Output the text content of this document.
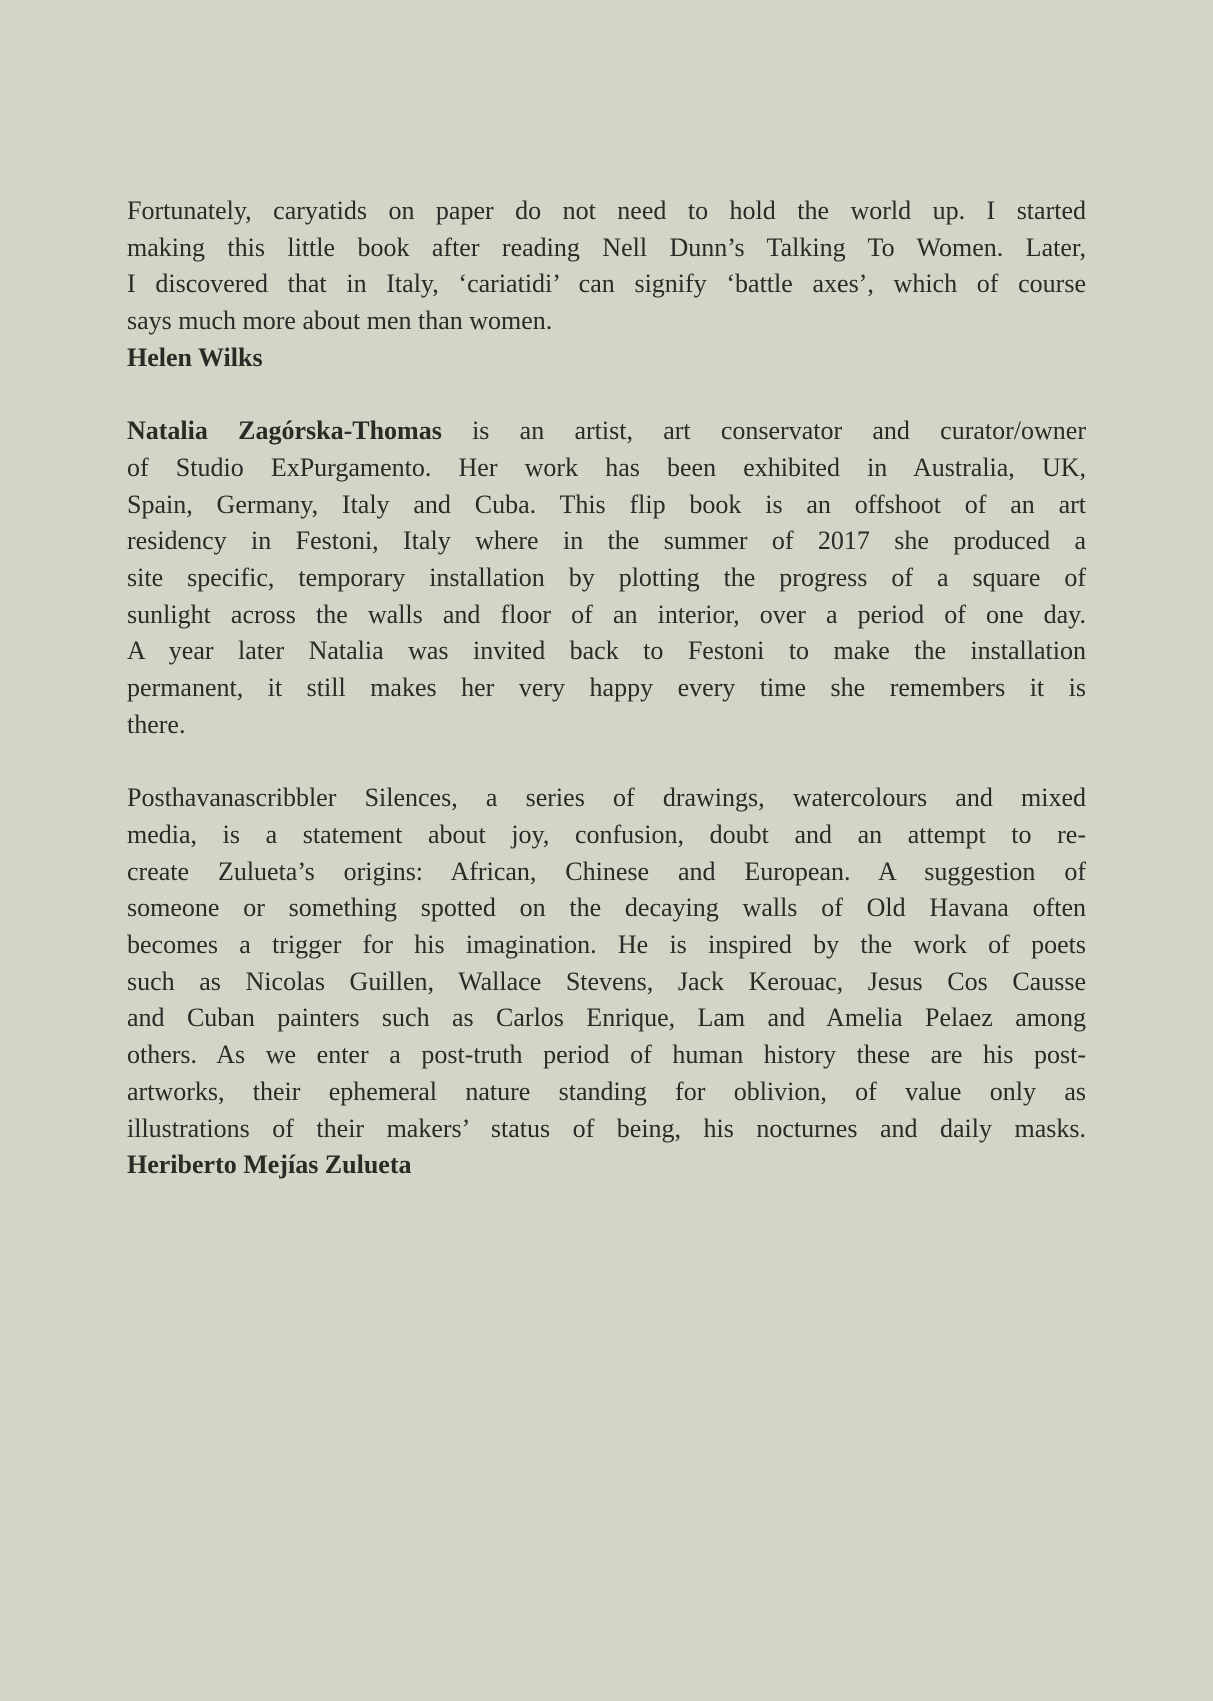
Fortunately, caryatids on paper do not need to hold the world up. I started
making this little book after reading Nell Dunn’s Talking To Women. Later,
I discovered that in Italy, ‘cariatidi’ can signify ‘battle axes’, which of course
says much more about men than women.
Helen Wilks
Natalia Zagórska-Thomas is an artist, art conservator and curator/owner
of Studio ExPurgamento. Her work has been exhibited in Australia, UK,
Spain, Germany, Italy and Cuba. This flip book is an offshoot of an art
residency in Festoni, Italy where in the summer of 2017 she produced a
site specific, temporary installation by plotting the progress of a square of
sunlight across the walls and floor of an interior, over a period of one day.
A year later Natalia was invited back to Festoni to make the installation
permanent, it still makes her very happy every time she remembers it is
there.
Posthavanascribbler Silences, a series of drawings, watercolours and mixed
media, is a statement about joy, confusion, doubt and an attempt to re-
create Zulueta’s origins: African, Chinese and European. A suggestion of
someone or something spotted on the decaying walls of Old Havana often
becomes a trigger for his imagination. He is inspired by the work of poets
such as Nicolas Guillen, Wallace Stevens, Jack Kerouac, Jesus Cos Causse
and Cuban painters such as Carlos Enrique, Lam and Amelia Pelaez among
others. As we enter a post-truth period of human history these are his post-
artworks, their ephemeral nature standing for oblivion, of value only as
illustrations of their makers’ status of being, his nocturnes and daily masks.
Heriberto Mejías Zulueta
